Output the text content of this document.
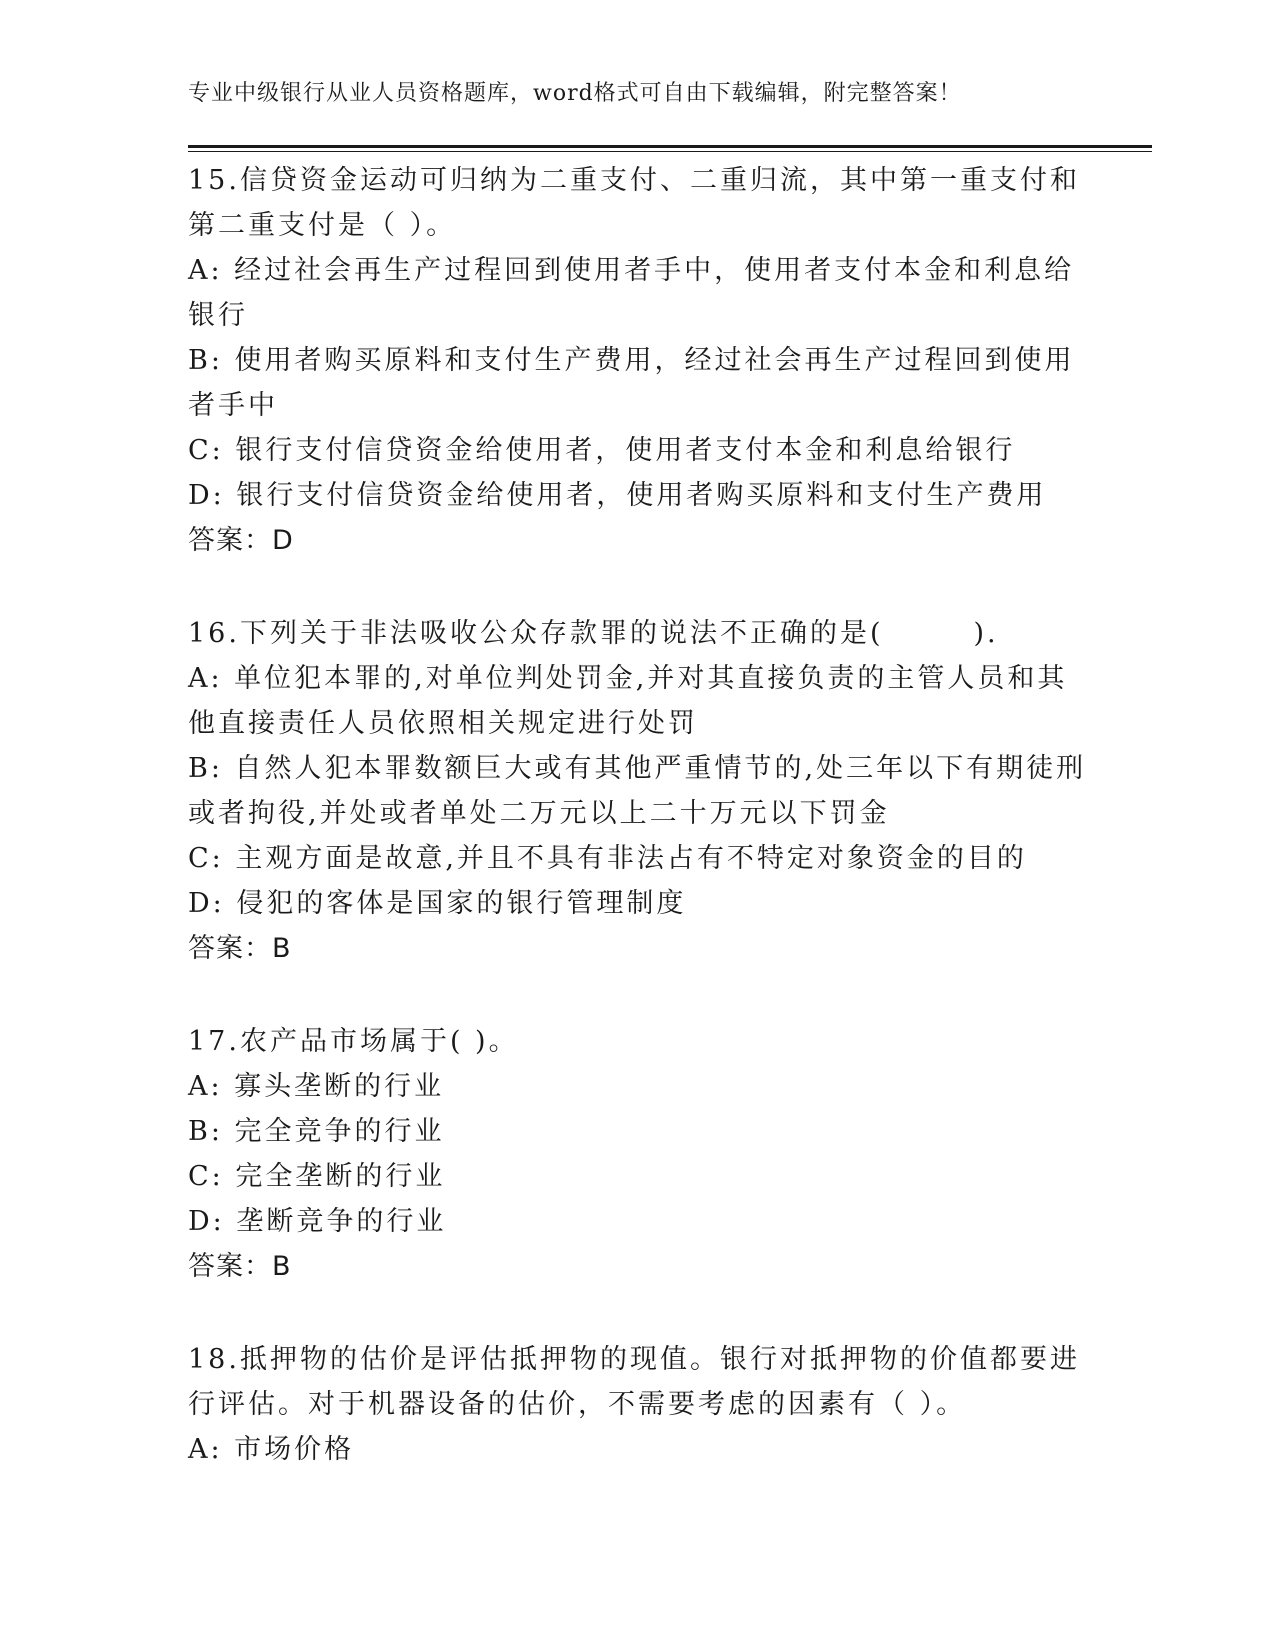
专业中级银行从业人员资格题库，word格式可自由下载编辑，附完整答案！

15.信贷资金运动可归纳为二重支付、二重归流，其中第一重支付和第二重支付是（ ）。

A: 经过社会再生产过程回到使用者手中，使用者支付本金和利息给银行

B: 使用者购买原料和支付生产费用，经过社会再生产过程回到使用者手中

C: 银行支付信贷资金给使用者，使用者支付本金和利息给银行

D: 银行支付信贷资金给使用者，使用者购买原料和支付生产费用

答案：D

16.下列关于非法吸收公众存款罪的说法不正确的是(　　　).

A: 单位犯本罪的,对单位判处罚金,并对其直接负责的主管人员和其他直接责任人员依照相关规定进行处罚

B: 自然人犯本罪数额巨大或有其他严重情节的,处三年以下有期徒刑或者拘役,并处或者单处二万元以上二十万元以下罚金

C: 主观方面是故意,并且不具有非法占有不特定对象资金的目的

D: 侵犯的客体是国家的银行管理制度

答案：B

17.农产品市场属于( )。

A: 寡头垄断的行业

B: 完全竞争的行业

C: 完全垄断的行业

D: 垄断竞争的行业

答案：B

18.抵押物的估价是评估抵押物的现值。银行对抵押物的价值都要进行评估。对于机器设备的估价，不需要考虑的因素有（ ）。

A: 市场价格
